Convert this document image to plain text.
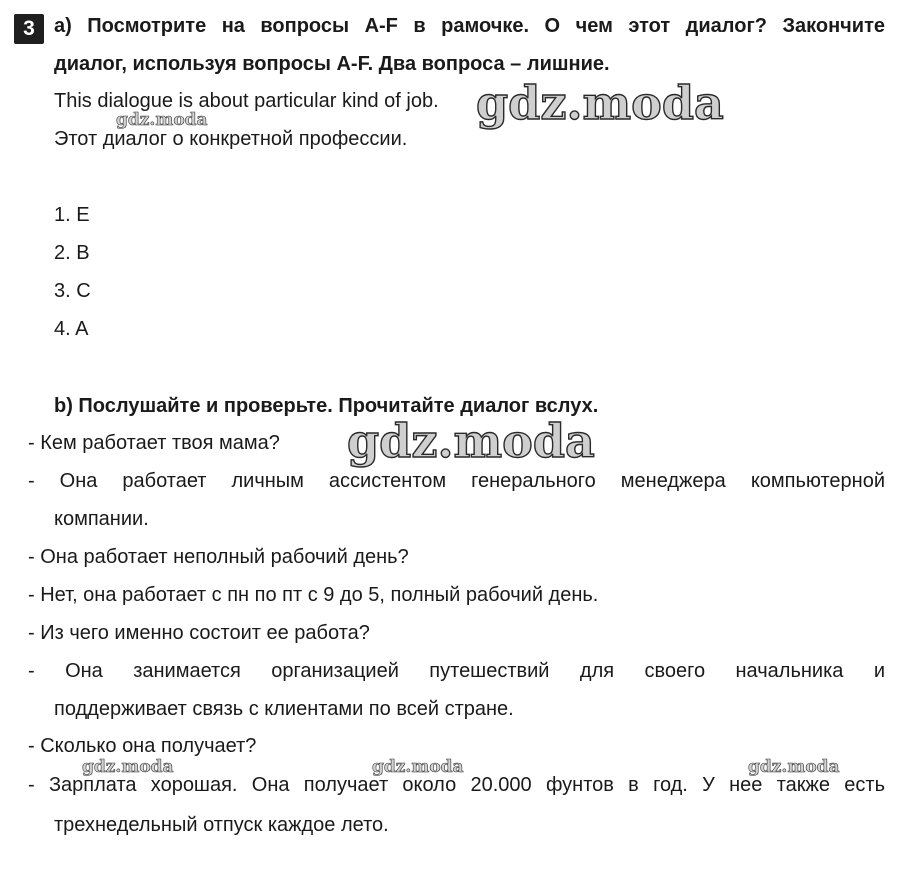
3 a) Посмотрите на вопросы A-F в рамочке. О чем этот диалог? Закончите
диалог, используя вопросы A-F. Два вопроса – лишние.
This dialogue is about particular kind of job.
Этот диалог о конкретной профессии.
1. E
2. B
3. C
4. A
b) Послушайте и проверьте. Прочитайте диалог вслух.
- Кем работает твоя мама?
- Она работает личным ассистентом генерального менеджера компьютерной
компании.
- Она работает неполный рабочий день?
- Нет, она работает с пн по пт с 9 до 5, полный рабочий день.
- Из чего именно состоит ее работа?
- Она занимается организацией путешествий для своего начальника и
поддерживает связь с клиентами по всей стране.
- Сколько она получает?
- Зарплата хорошая. Она получает около 20.000 фунтов в год. У нее также есть
трехнедельный отпуск каждое лето.
gdz.moda
gdz.moda
gdz.moda
gdz.moda	gdz.moda	gdz.moda
